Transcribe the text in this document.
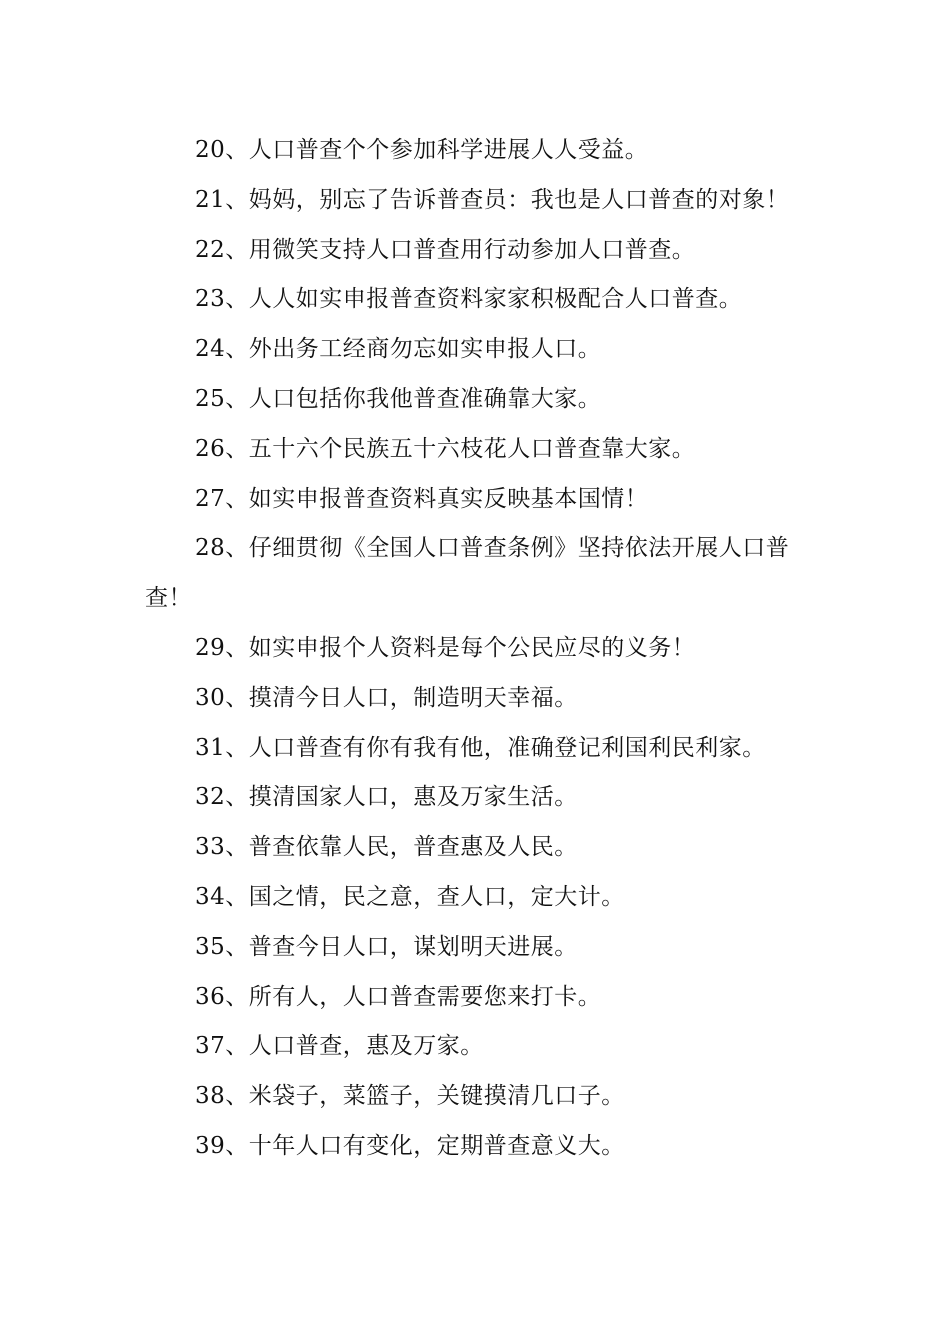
20、人口普查个个参加科学进展人人受益。

21、妈妈，别忘了告诉普查员：我也是人口普查的对象！

22、用微笑支持人口普查用行动参加人口普查。

23、人人如实申报普查资料家家积极配合人口普查。

24、外出务工经商勿忘如实申报人口。

25、人口包括你我他普查准确靠大家。

26、五十六个民族五十六枝花人口普查靠大家。

27、如实申报普查资料真实反映基本国情！

28、仔细贯彻《全国人口普查条例》坚持依法开展人口普查！

29、如实申报个人资料是每个公民应尽的义务！

30、摸清今日人口，制造明天幸福。

31、人口普查有你有我有他，准确登记利国利民利家。

32、摸清国家人口，惠及万家生活。

33、普查依靠人民，普查惠及人民。

34、国之情，民之意，查人口，定大计。

35、普查今日人口，谋划明天进展。

36、所有人，人口普查需要您来打卡。

37、人口普查，惠及万家。

38、米袋子，菜篮子，关键摸清几口子。

39、十年人口有变化，定期普查意义大。
